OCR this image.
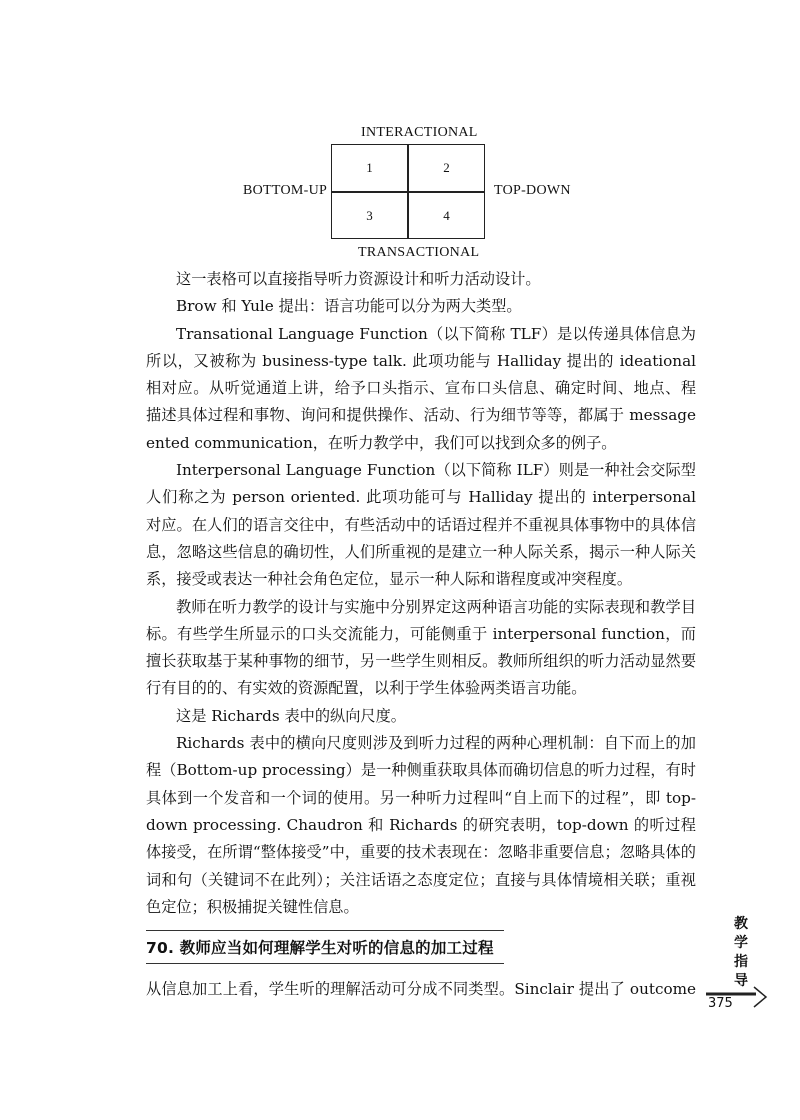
INTERACTIONAL
BOTTOM-UP	TOP-DOWN
TRANSACTIONAL
1	2
3	4
这一表格可以直接指导听力资源设计和听力活动设计。
Brow 和 Yule 提出：语言功能可以分为两大类型。
Transational Language Function（以下简称 TLF）是以传递具体信息为
所以，又被称为 business-type talk. 此项功能与 Halliday 提出的 ideational
相对应。从听觉通道上讲，给予口头指示、宣布口头信息、确定时间、地点、程
描述具体过程和事物、询问和提供操作、活动、行为细节等等，都属于 message
ented communication，在听力教学中，我们可以找到众多的例子。
Interpersonal Language Function（以下简称 ILF）则是一种社会交际型
人们称之为 person oriented. 此项功能可与 Halliday 提出的 interpersonal
对应。在人们的语言交往中，有些活动中的话语过程并不重视具体事物中的具体信
息，忽略这些信息的确切性，人们所重视的是建立一种人际关系，揭示一种人际关
系，接受或表达一种社会角色定位，显示一种人际和谐程度或冲突程度。
教师在听力教学的设计与实施中分别界定这两种语言功能的实际表现和教学目
标。有些学生所显示的口头交流能力，可能侧重于 interpersonal function，而
擅长获取基于某种事物的细节，另一些学生则相反。教师所组织的听力活动显然要
行有目的的、有实效的资源配置，以利于学生体验两类语言功能。
这是 Richards 表中的纵向尺度。
Richards 表中的横向尺度则涉及到听力过程的两种心理机制：自下而上的加
程（Bottom-up processing）是一种侧重获取具体而确切信息的听力过程，有时
具体到一个发音和一个词的使用。另一种听力过程叫“自上而下的过程”，即 top-
down processing. Chaudron 和 Richards 的研究表明，top-down 的听过程
体接受，在所谓“整体接受”中，重要的技术表现在：忽略非重要信息；忽略具体的
词和句（关键词不在此列）；关注话语之态度定位；直接与具体情境相关联；重视
色定位；积极捕捉关键性信息。
70. 教师应当如何理解学生对听的信息的加工过程
从信息加工上看，学生听的理解活动可分成不同类型。Sinclair 提出了 outcome
教
学
指
导
375
